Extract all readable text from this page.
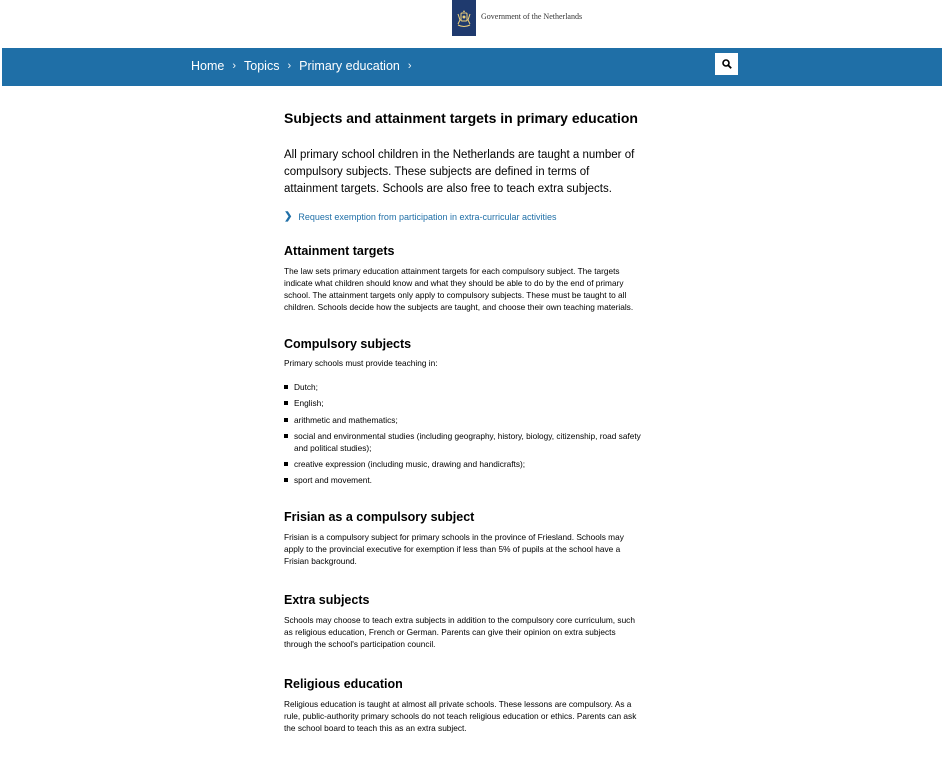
Government of the Netherlands
Home › Topics › Primary education ›
Subjects and attainment targets in primary education

All primary school children in the Netherlands are taught a number of compulsory subjects. These subjects are defined in terms of attainment targets. Schools are also free to teach extra subjects.

❯ Request exemption from participation in extra-curricular activities
Attainment targets

The law sets primary education attainment targets for each compulsory subject. The targets indicate what children should know and what they should be able to do by the end of primary school. The attainment targets only apply to compulsory subjects. These must be taught to all children. Schools decide how the subjects are taught, and choose their own teaching materials.

Compulsory subjects

Primary schools must provide teaching in:

Dutch;
English;
arithmetic and mathematics;
social and environmental studies (including geography, history, biology, citizenship, road safety and political studies);
creative expression (including music, drawing and handicrafts);
sport and movement.
Frisian as a compulsory subject

Frisian is a compulsory subject for primary schools in the province of Friesland. Schools may apply to the provincial executive for exemption if less than 5% of pupils at the school have a Frisian background.

Extra subjects

Schools may choose to teach extra subjects in addition to the compulsory core curriculum, such as religious education, French or German. Parents can give their opinion on extra subjects through the school's participation council.

Religious education

Religious education is taught at almost all private schools. These lessons are compulsory. As a rule, public-authority primary schools do not teach religious education or ethics. Parents can ask the school board to teach this as an extra subject.
